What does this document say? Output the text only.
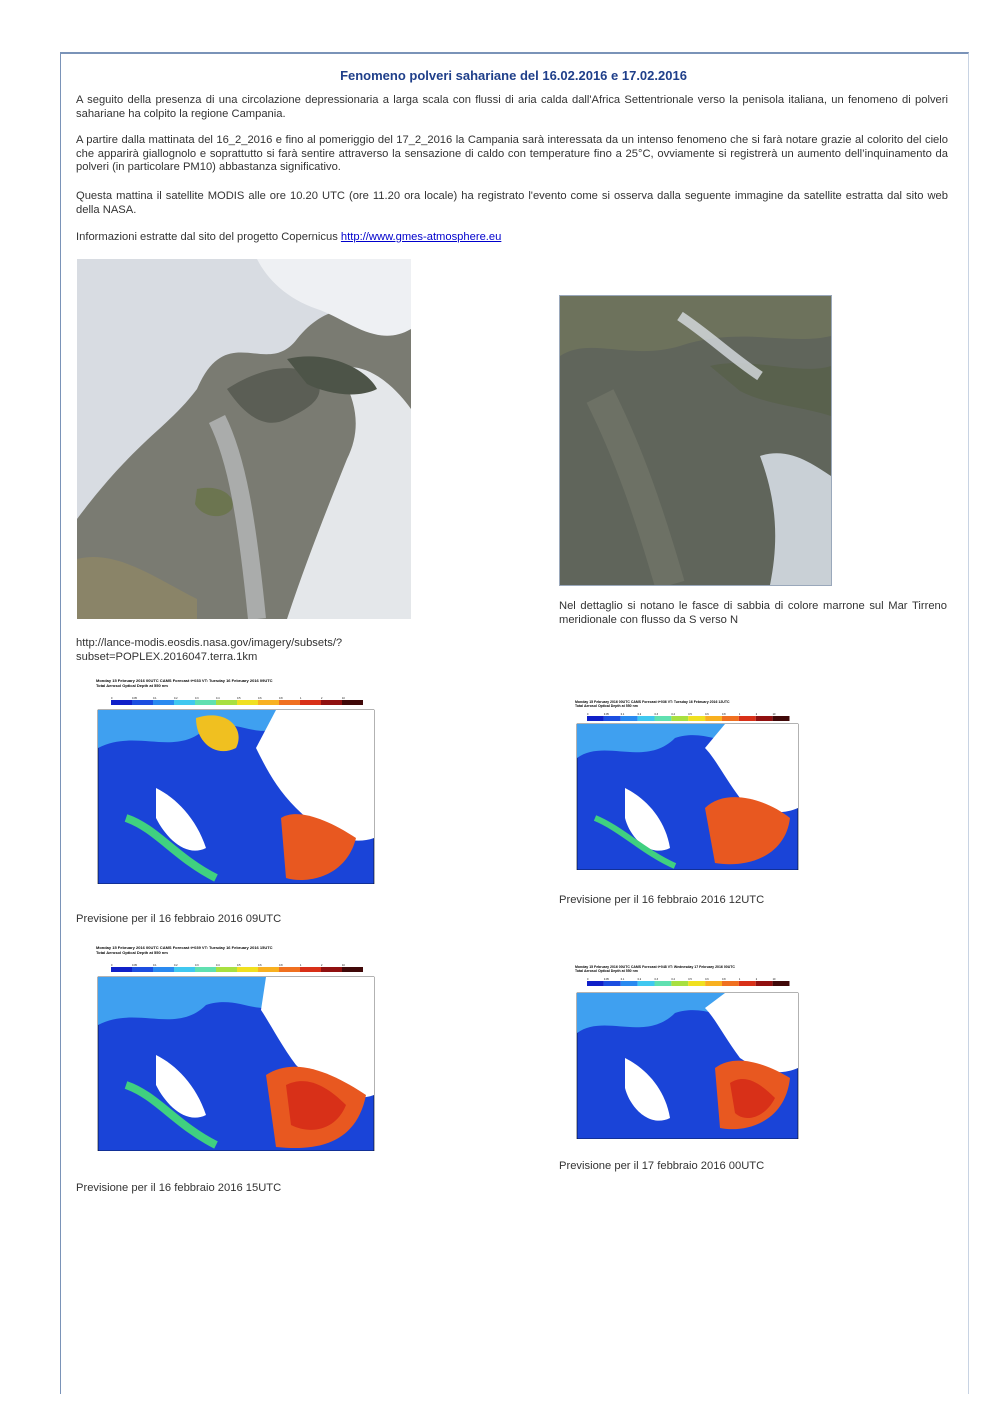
Fenomeno polveri sahariane del 16.02.2016 e 17.02.2016
A seguito della presenza di una circolazione depressionaria a larga scala con flussi di aria calda dall'Africa Settentrionale verso la penisola italiana, un fenomeno di polveri sahariane ha colpito la regione Campania.
A partire dalla mattinata del 16_2_2016 e fino al pomeriggio del 17_2_2016 la Campania sarà interessata da un intenso fenomeno che si farà notare grazie al colorito del cielo che apparirà giallognolo e soprattutto si farà sentire attraverso la sensazione di caldo con temperature fino a 25°C, ovviamente si registrerà un aumento dell’inquinamento da polveri (in particolare PM10) abbastanza significativo.
Questa mattina il satellite MODIS alle ore 10.20 UTC (ore 11.20 ora locale) ha registrato l'evento come si osserva dalla seguente immagine da satellite estratta dal sito web della NASA.
Informazioni estratte dal sito del progetto Copernicus http://www.gmes-atmosphere.eu
Nel dettaglio si notano le fasce di sabbia di colore marrone sul Mar Tirreno meridionale con flusso da S verso N
http://lance-modis.eosdis.nasa.gov/imagery/subsets/?subset=POPLEX.2016047.terra.1km
Monday 15 February 2016 00UTC CAMS Forecast t+033 VT: Tuesday 16 February 2016 09UTC
Total Aerosol Optical Depth at 550 nm
0	0.05	0.1	0.2	0.3	0.4	0.5	0.6	0.8	1	2	10
Previsione per il 16 febbraio 2016 09UTC
Monday 15 February 2016 00UTC CAMS Forecast t+036 VT: Tuesday 16 February 2016 12UTC
Total Aerosol Optical Depth at 550 nm
0	0.05	0.1	0.2	0.3	0.4	0.5	0.6	0.8	1	2	10
Previsione per il 16 febbraio 2016 12UTC
Monday 15 February 2016 00UTC CAMS Forecast t+039 VT: Tuesday 16 February 2016 15UTC
Total Aerosol Optical Depth at 550 nm
0	0.05	0.1	0.2	0.3	0.4	0.5	0.6	0.8	1	2	10
Previsione per il 16 febbraio 2016 15UTC
Monday 15 February 2016 00UTC CAMS Forecast t+048 VT: Wednesday 17 February 2016 00UTC
Total Aerosol Optical Depth at 550 nm
0	0.05	0.1	0.2	0.3	0.4	0.5	0.6	0.8	1	2	10
Previsione per il 17 febbraio 2016 00UTC
